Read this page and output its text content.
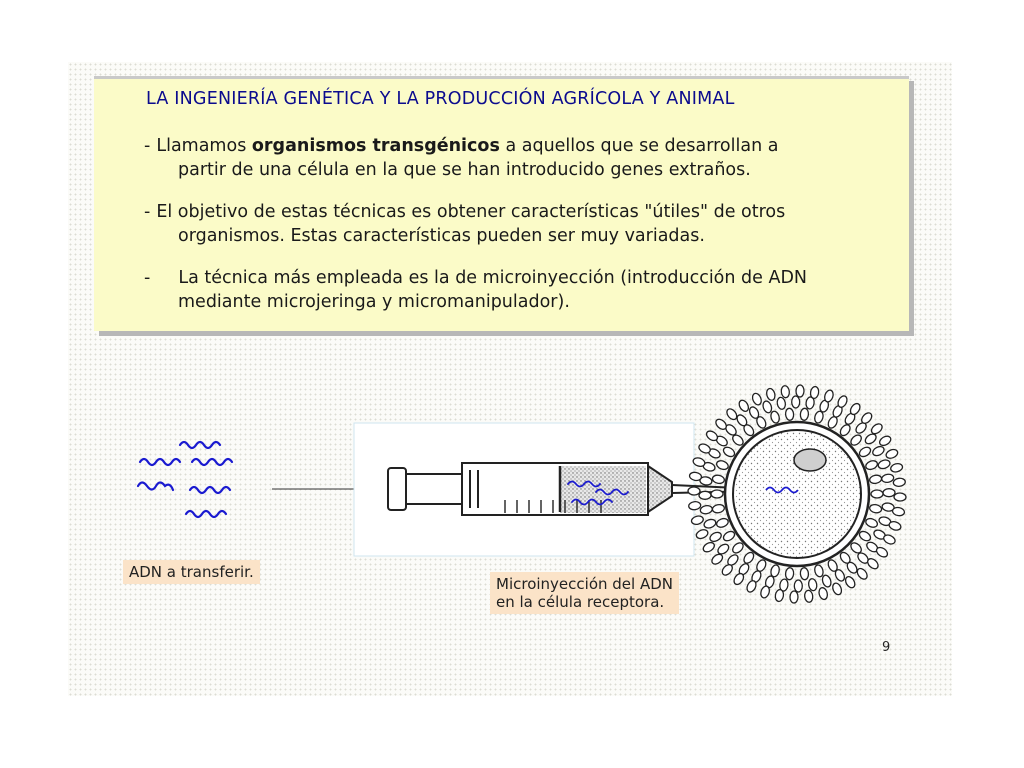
LA INGENIERÍA GENÉTICA Y LA PRODUCCIÓN AGRÍCOLA Y ANIMAL
- Llamamos organismos transgénicos a aquellos que se desarrollan a
partir de una célula en la que se han introducido genes extraños.
- El objetivo de estas técnicas es obtener características "útiles" de otros
organismos. Estas características pueden ser muy variadas.
- La técnica más empleada es la de microinyección (introducción de ADN
mediante microjeringa y micromanipulador).
ADN a transferir.
Microinyección del ADN
en la célula receptora.
9
